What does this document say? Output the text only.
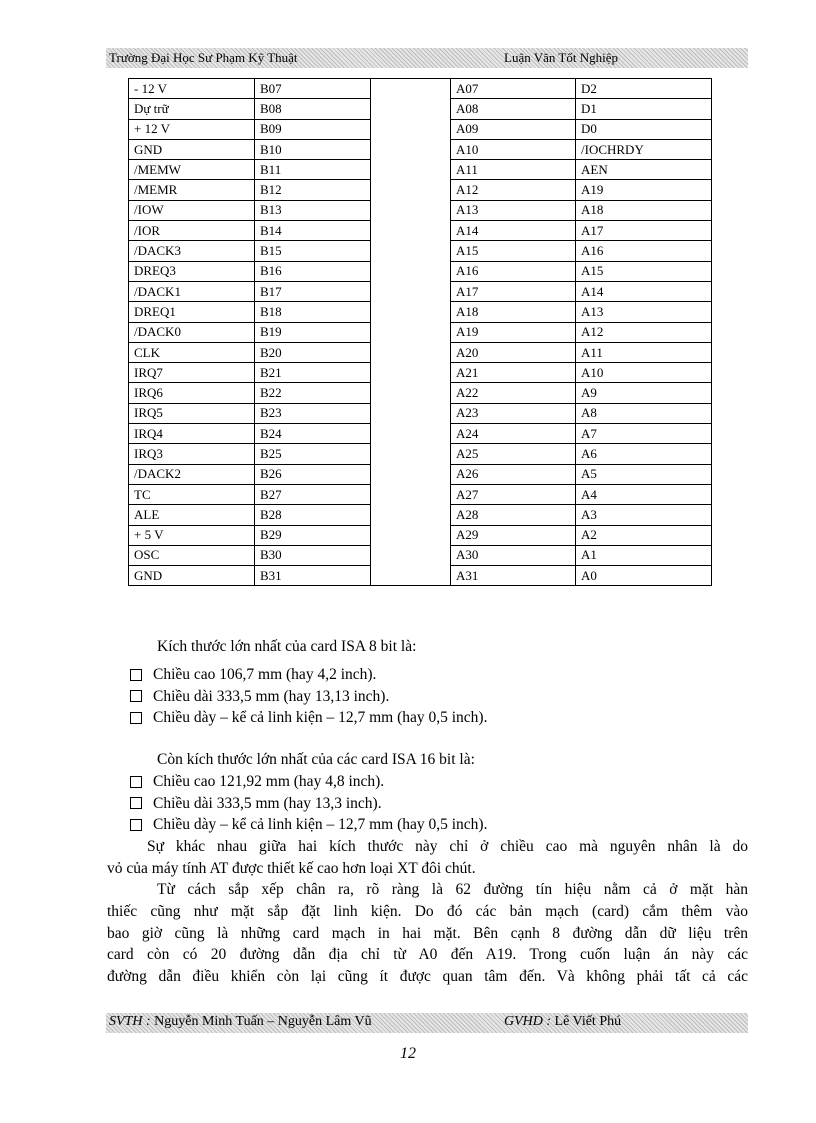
Trường Đại Học Sư Phạm Kỹ Thuật	Luận Văn Tốt Nghiệp
- 12 V	B07		A07	D2
Dự trữ	B08		A08	D1
+ 12 V	B09		A09	D0
GND	B10		A10	/IOCHRDY
/MEMW	B11		A11	AEN
/MEMR	B12		A12	A19
/IOW	B13		A13	A18
/IOR	B14		A14	A17
/DACK3	B15		A15	A16
DREQ3	B16		A16	A15
/DACK1	B17		A17	A14
DREQ1	B18		A18	A13
/DACK0	B19		A19	A12
CLK	B20		A20	A11
IRQ7	B21		A21	A10
IRQ6	B22		A22	A9
IRQ5	B23		A23	A8
IRQ4	B24		A24	A7
IRQ3	B25		A25	A6
/DACK2	B26		A26	A5
TC	B27		A27	A4
ALE	B28		A28	A3
+ 5 V	B29		A29	A2
OSC	B30		A30	A1
GND	B31		A31	A0
Kích thước lớn nhất của card ISA 8 bit là:
Chiều cao 106,7 mm (hay 4,2 inch).
Chiều dài 333,5 mm (hay 13,13 inch).
Chiều dày – kể cả linh kiện – 12,7 mm (hay 0,5 inch).
Còn kích thước lớn nhất của các card ISA 16 bit là:
Chiều cao 121,92 mm (hay 4,8 inch).
Chiều dài 333,5 mm (hay 13,3 inch).
Chiều dày – kể cả linh kiện – 12,7 mm (hay 0,5 inch).
Sự khác nhau giữa hai kích thước này chỉ ở chiều cao mà nguyên nhân là do
vỏ của máy tính AT được thiết kế cao hơn loại XT đôi chút.
Từ cách sắp xếp chân ra, rõ ràng là 62 đường tín hiệu nằm cả ở mặt hàn
thiếc cũng như mặt sắp đặt linh kiện. Do đó các bản mạch (card) cắm thêm vào
bao giờ cũng là những card mạch in hai mặt. Bên cạnh 8 đường dẫn dữ liệu trên
card còn có 20 đường dẫn địa chỉ từ A0 đến A19. Trong cuốn luận án này các
đường dẫn điều khiển còn lại cũng ít được quan tâm đến. Và không phải tất cả các
SVTH : Nguyễn Minh Tuấn – Nguyễn Lâm Vũ	GVHD : Lê Viết Phú
12
